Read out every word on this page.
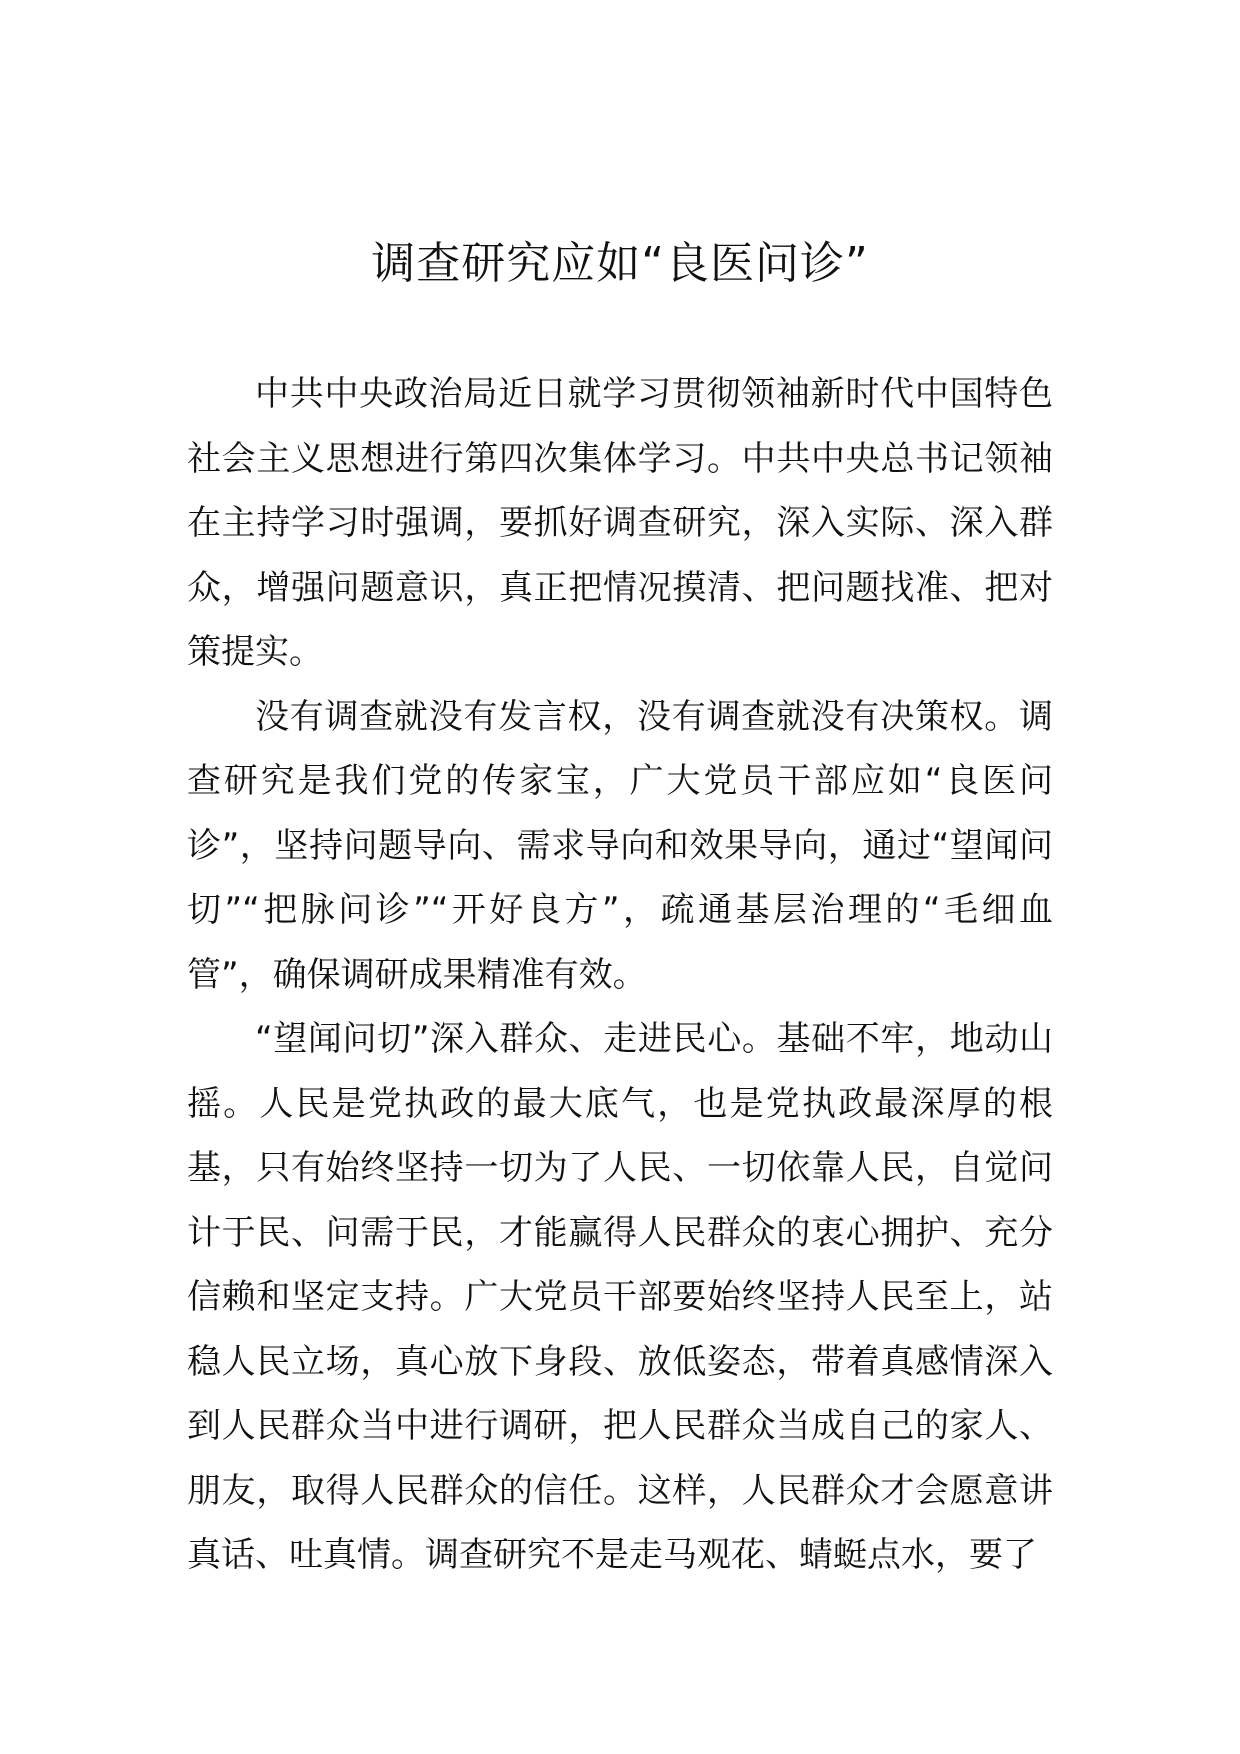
调查研究应如“良医问诊”

中共中央政治局近日就学习贯彻领袖新时代中国特色社会主义思想进行第四次集体学习。中共中央总书记领袖在主持学习时强调，要抓好调查研究，深入实际、深入群众，增强问题意识，真正把情况摸清、把问题找准、把对策提实。

没有调查就没有发言权，没有调查就没有决策权。调查研究是我们党的传家宝，广大党员干部应如“良医问诊”，坚持问题导向、需求导向和效果导向，通过“望闻问切”“把脉问诊”“开好良方”，疏通基层治理的“毛细血管”，确保调研成果精准有效。

“望闻问切”深入群众、走进民心。基础不牢，地动山摇。人民是党执政的最大底气，也是党执政最深厚的根基，只有始终坚持一切为了人民、一切依靠人民，自觉问计于民、问需于民，才能赢得人民群众的衷心拥护、充分信赖和坚定支持。广大党员干部要始终坚持人民至上，站稳人民立场，真心放下身段、放低姿态，带着真感情深入到人民群众当中进行调研，把人民群众当成自己的家人、朋友，取得人民群众的信任。这样，人民群众才会愿意讲真话、吐真情。调查研究不是走马观花、蜻蜓点水，要了
